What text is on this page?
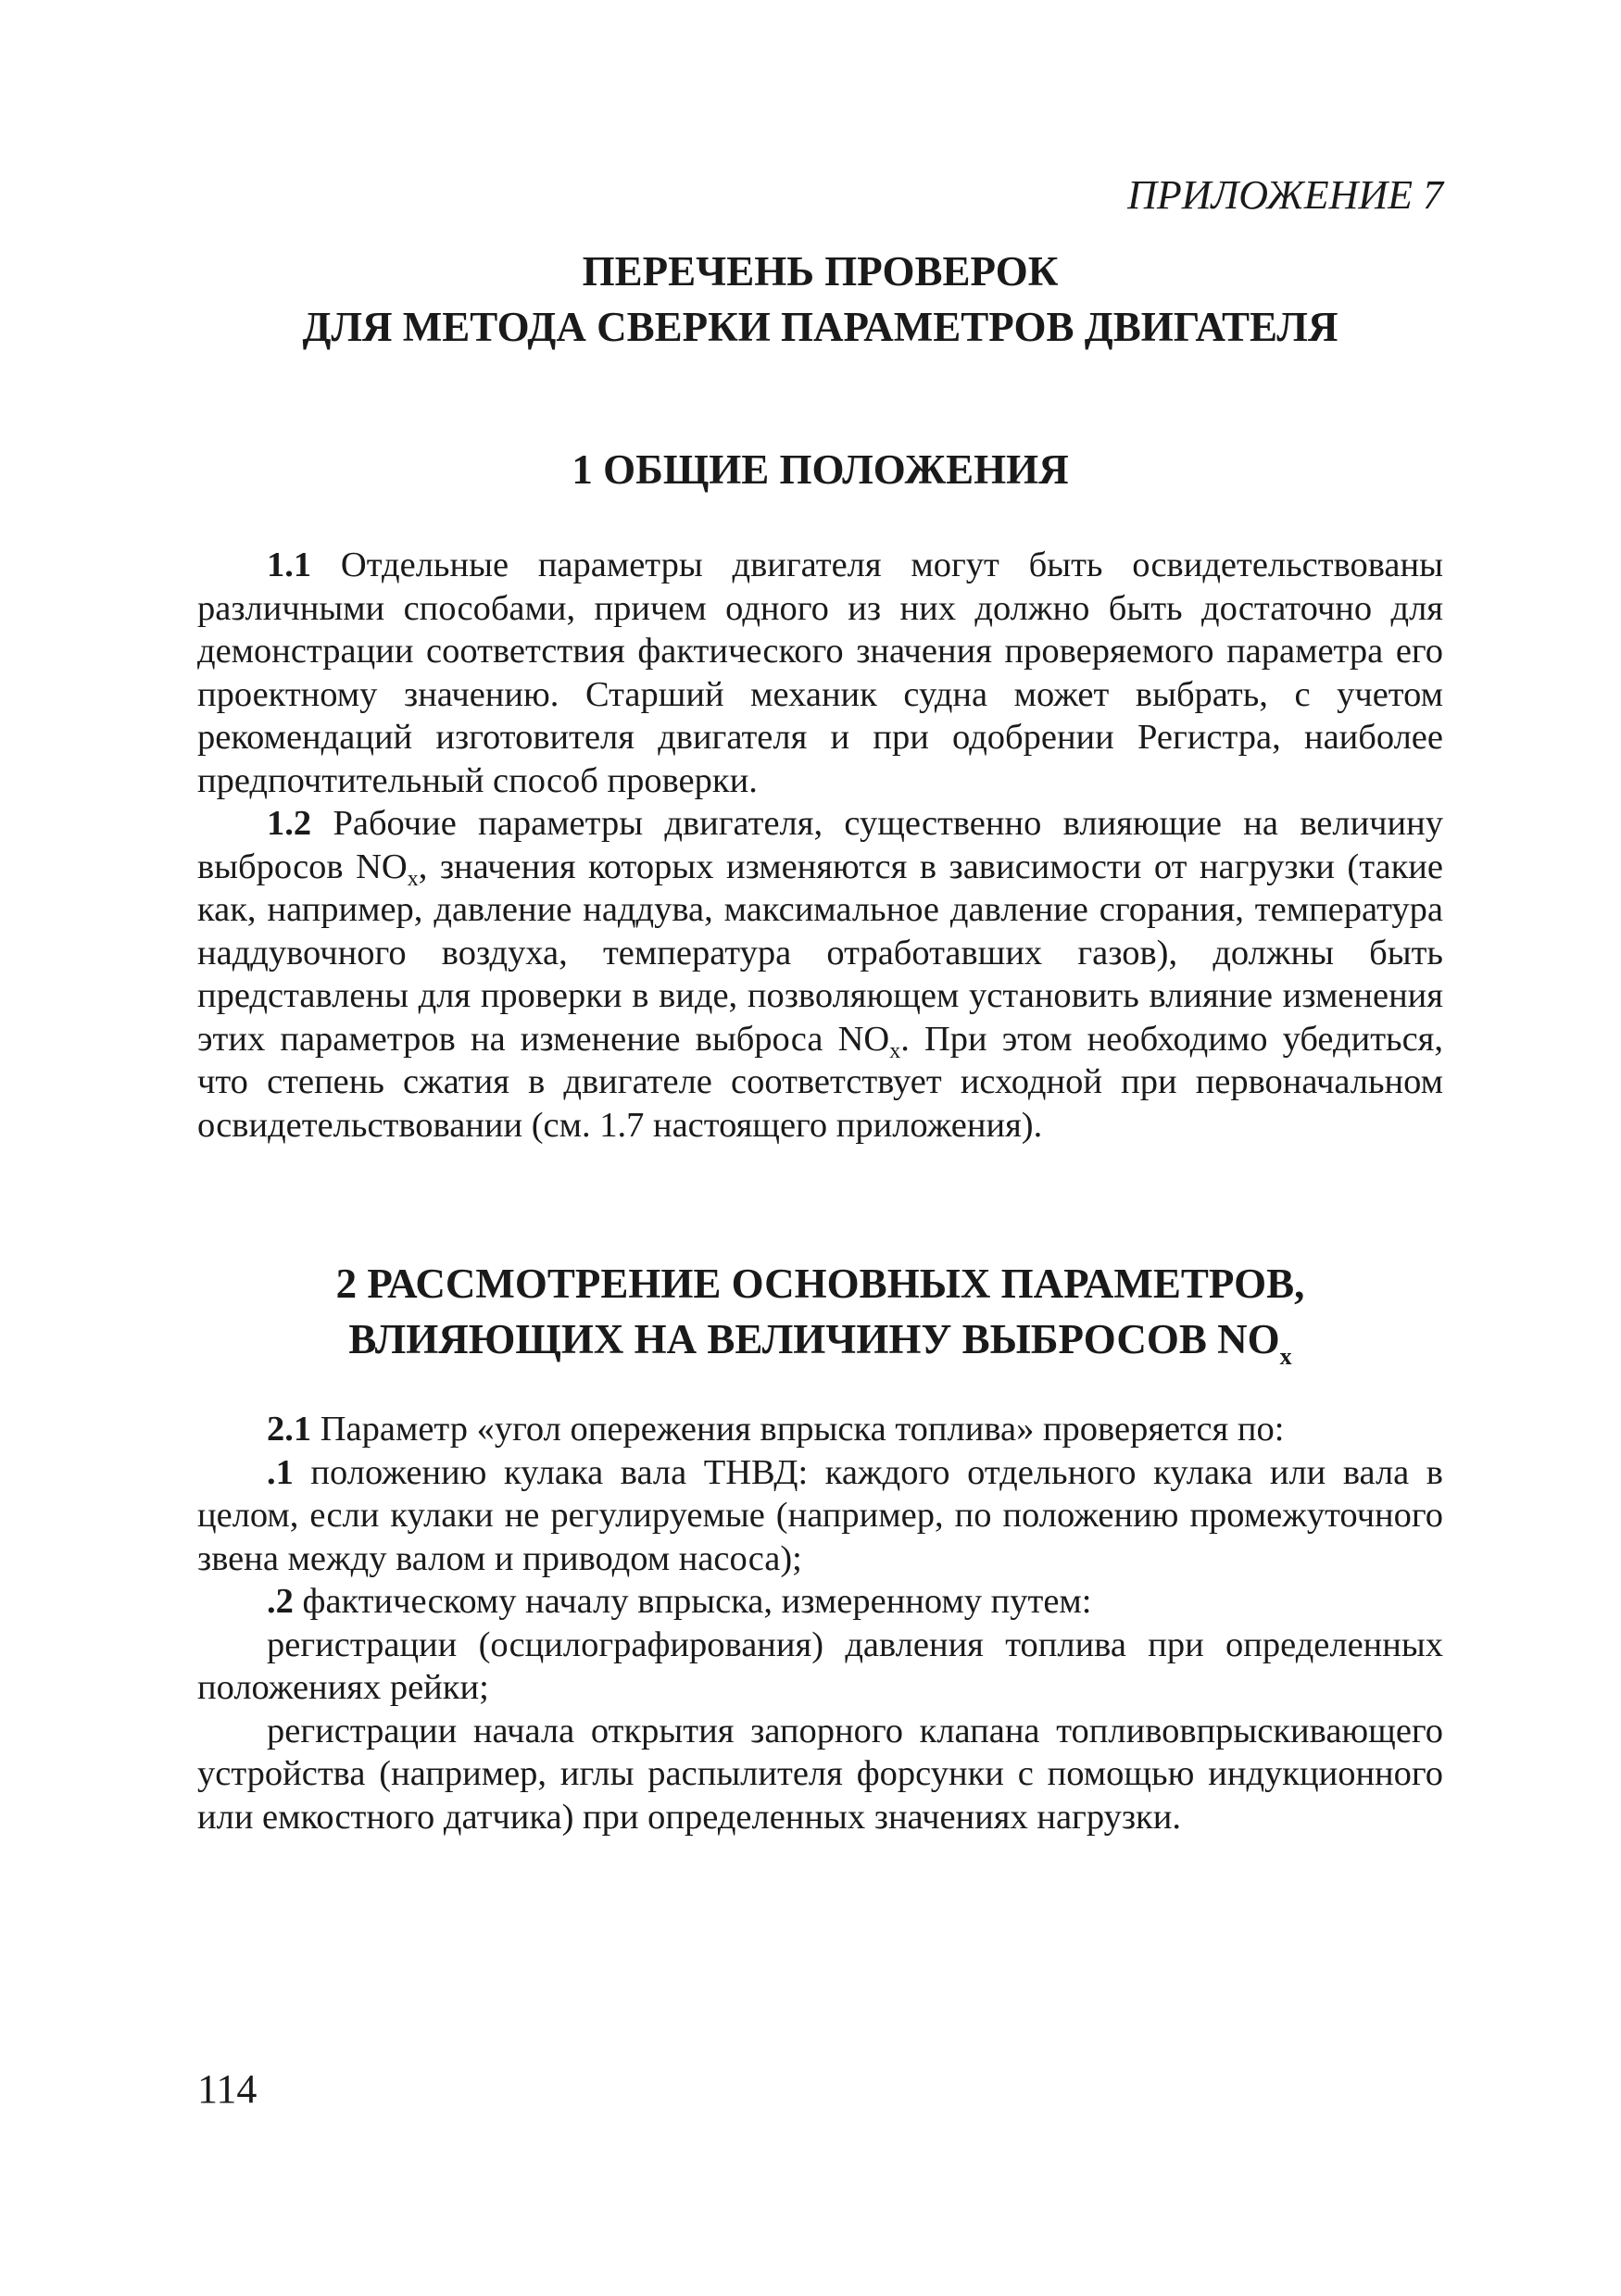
ПРИЛОЖЕНИЕ 7

ПЕРЕЧЕНЬ ПРОВЕРОК
ДЛЯ МЕТОДА СВЕРКИ ПАРАМЕТРОВ ДВИГАТЕЛЯ
1 ОБЩИЕ ПОЛОЖЕНИЯ

1.1 Отдельные параметры двигателя могут быть освидетельствованы различными способами, причем одного из них должно быть достаточно для демонстрации соответствия фактического значения проверяемого параметра его проектному значению. Старший механик судна может выбрать, с учетом рекомендаций изготовителя двигателя и при одобрении Регистра, наиболее предпочтительный способ проверки.

1.2 Рабочие параметры двигателя, существенно влияющие на величину выбросов $NO_x$, значения которых изменяются в зависимости от нагрузки (такие как, например, давление наддува, максимальное давление сгорания, температура наддувочного воздуха, температура отработавших газов), должны быть представлены для проверки в виде, позволяющем установить влияние изменения этих параметров на изменение выброса $NO_x$. При этом необходимо убедиться, что степень сжатия в двигателе соответствует исходной при первоначальном освидетельствовании (см. 1.7 настоящего приложения).

2 РАССМОТРЕНИЕ ОСНОВНЫХ ПАРАМЕТРОВ,
ВЛИЯЮЩИХ НА ВЕЛИЧИНУ ВЫБРОСОВ $NO_x$

2.1 Параметр «угол опережения впрыска топлива» проверяется по:

.1 положению кулака вала ТНВД: каждого отдельного кулака или вала в целом, если кулаки не регулируемые (например, по положению промежуточного звена между валом и приводом насоса);

.2 фактическому началу впрыска, измеренному путем:

регистрации (осцилографирования) давления топлива при определенных положениях рейки;

регистрации начала открытия запорного клапана топливовпрыскивающего устройства (например, иглы распылителя форсунки с помощью индукционного или емкостного датчика) при определенных значениях нагрузки.

114
